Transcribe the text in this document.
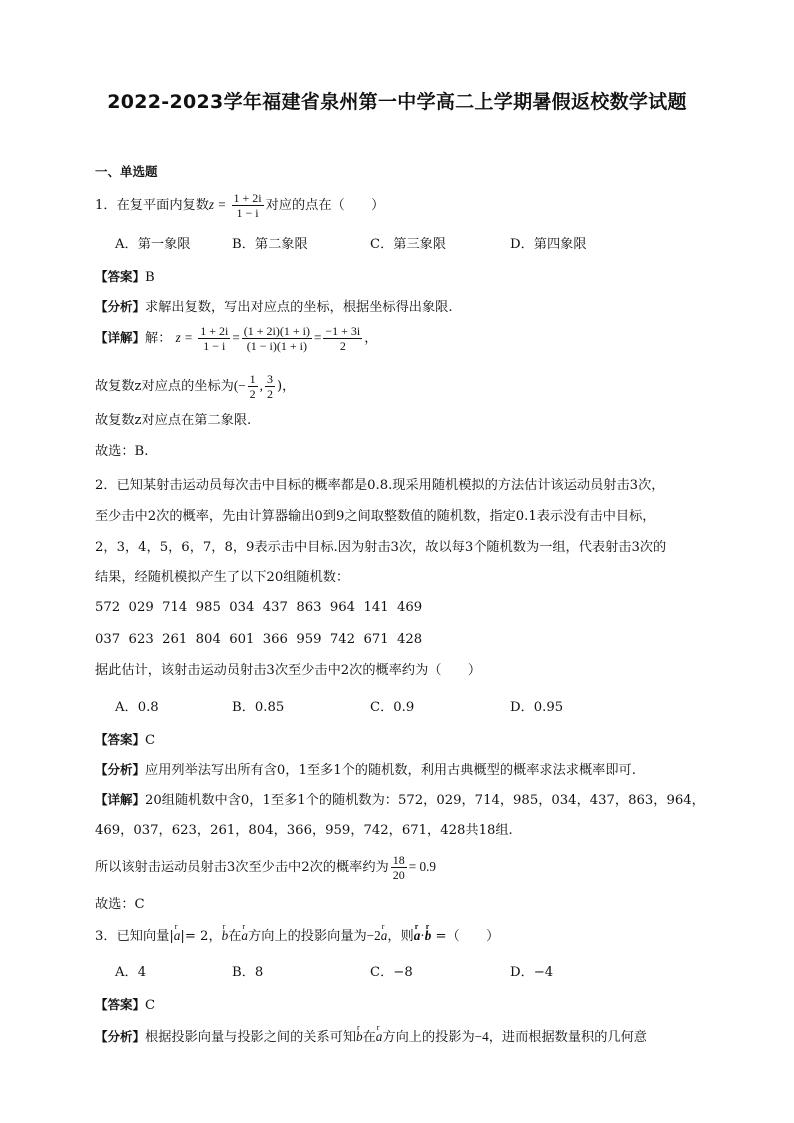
2022-2023学年福建省泉州第一中学高二上学期暑假返校数学试题
一、单选题
1．在复平面内复数$z = \frac{1 + 2i}{1 - i}$ 对应的点在（　　）
A．第一象限	B．第二象限	C．第三象限	D．第四象限
【答案】B
【分析】求解出复数，写出对应点的坐标，根据坐标得出象限.
【详解】解： $z = \frac{1 + 2i}{1 - i} = \frac{(1 + 2i)(1 + i)}{(1 - i)(1 + i)} = \frac{-1 + 3i}{2}$ ，
故复数z对应点的坐标为(− $\frac{1}{2}$ , $\frac{3}{2}$ )，
故复数z对应点在第二象限.
故选：B.
2．已知某射击运动员每次击中目标的概率都是0.8.现采用随机模拟的方法估计该运动员射击3次，
至少击中2次的概率，先由计算器输出0到9之间取整数值的随机数，指定0.1表示没有击中目标，
2，3，4，5，6，7，8，9表示击中目标.因为射击3次，故以每3个随机数为一组，代表射击3次的
结果，经随机模拟产生了以下20组随机数：
572  029  714  985  034  437  863  964  141  469
037  623  261  804  601  366  959  742  671  428
据此估计，该射击运动员射击3次至少击中2次的概率约为（　　）
A．0.8	B．0.85	C．0.9	D．0.95
【答案】C
【分析】应用列举法写出所有含0，1至多1个的随机数，利用古典概型的概率求法求概率即可.
【详解】20组随机数中含0，1至多1个的随机数为：572，029，714，985，034，437，863，964，
469，037，623，261，804，366，959，742，671，428共18组.
所以该射击运动员射击3次至少击中2次的概率约为 $\frac{18}{20} = 0.9$
故选：C
3．已知向量|r a|= 2，r b在r a方向上的投影向量为−2r a，则r a·r b =（　　）
A．4	B．8	C．−8	D．−4
【答案】C
【分析】根据投影向量与投影之间的关系可知r b在r a方向上的投影为−4，进而根据数量积的几何意
